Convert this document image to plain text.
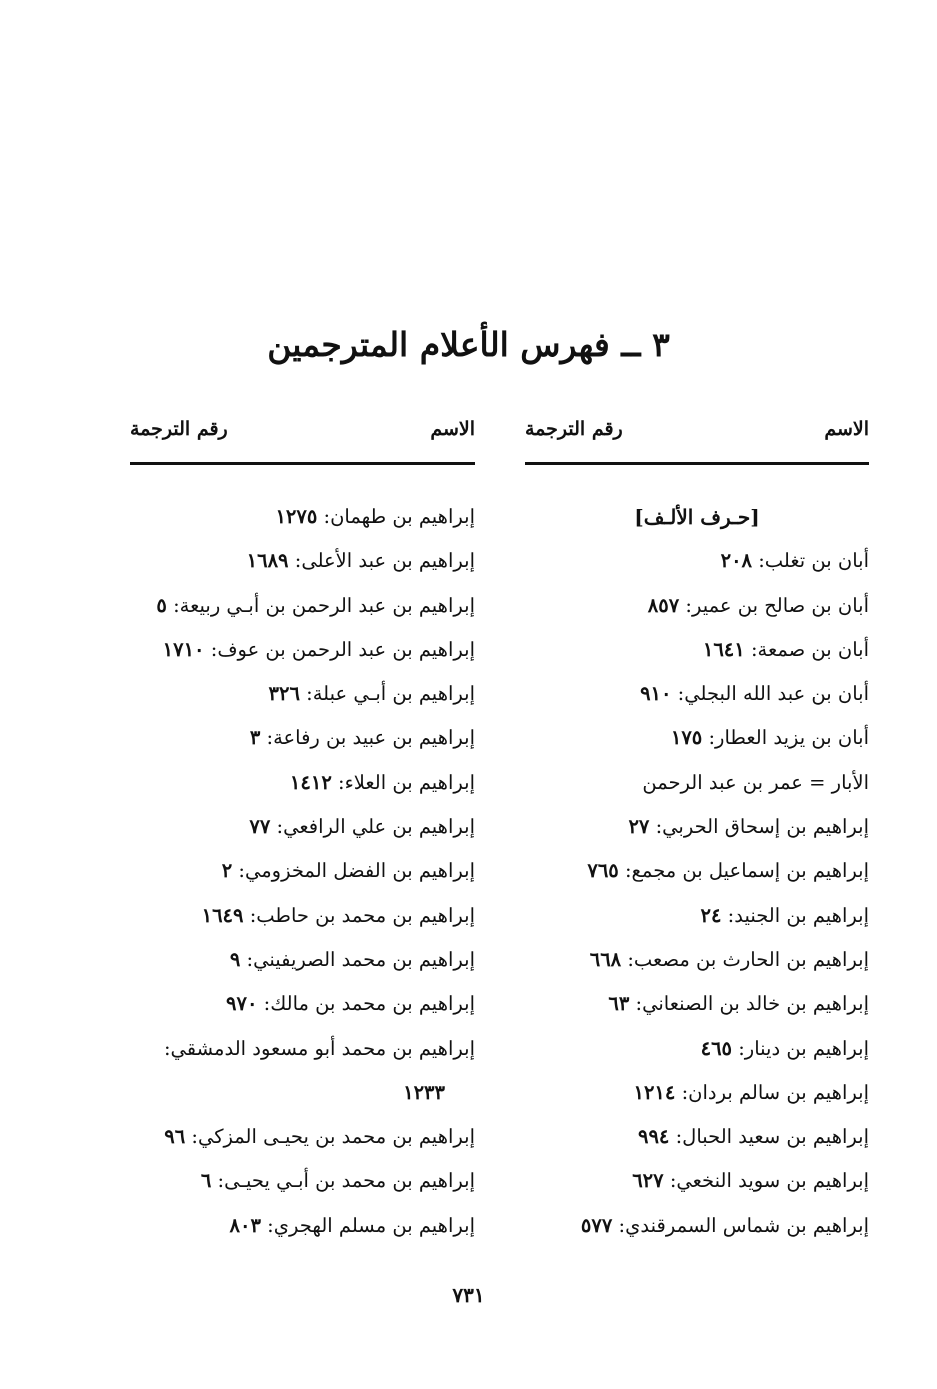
٣ ــ فهرس الأعلام المترجمين
الاسم
رقم الترجمة
[حـرف الألـف]
أبان بن تغلب: ٢٠٨
أبان بن صالح بن عمير: ٨٥٧
أبان بن صمعة: ١٦٤١
أبان بن عبد الله البجلي: ٩١٠
أبان بن يزيد العطار: ١٧٥
الأبار = عمر بن عبد الرحمن
إبراهيم بن إسحاق الحربي: ٢٧
إبراهيم بن إسماعيل بن مجمع: ٧٦٥
إبراهيم بن الجنيد: ٢٤
إبراهيم بن الحارث بن مصعب: ٦٦٨
إبراهيم بن خالد بن الصنعاني: ٦٣
إبراهيم بن دينار: ٤٦٥
إبراهيم بن سالم بردان: ١٢١٤
إبراهيم بن سعيد الحبال: ٩٩٤
إبراهيم بن سويد النخعي: ٦٢٧
إبراهيم بن شماس السمرقندي: ٥٧٧
الاسم
رقم الترجمة
إبراهيم بن طهمان: ١٢٧٥
إبراهيم بن عبد الأعلى: ١٦٨٩
إبراهيم بن عبد الرحمن بن أبـي ربيعة: ٥
إبراهيم بن عبد الرحمن بن عوف: ١٧١٠
إبراهيم بن أبـي عبلة: ٣٢٦
إبراهيم بن عبيد بن رفاعة: ٣
إبراهيم بن العلاء: ١٤١٢
إبراهيم بن علي الرافعي: ٧٧
إبراهيم بن الفضل المخزومي: ٢
إبراهيم بن محمد بن حاطب: ١٦٤٩
إبراهيم بن محمد الصريفيني: ٩
إبراهيم بن محمد بن مالك: ٩٧٠
إبراهيم بن محمد أبو مسعود الدمشقي:
١٢٣٣
إبراهيم بن محمد بن يحيـى المزكي: ٩٦
إبراهيم بن محمد بن أبـي يحيـى: ٦
إبراهيم بن مسلم الهجري: ٨٠٣
٧٣١
